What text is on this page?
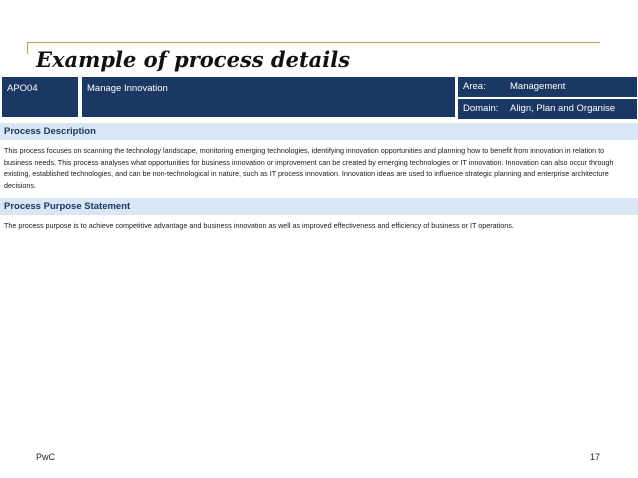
Example of process details
APO04	Manage Innovation	Area:	Management
Domain:	Align, Plan and Organise
Process Description

This process focuses on scanning the technology landscape, monitoring emerging technologies, identifying innovation opportunities and planning how to benefit from innovation in relation to business needs. This process analyses what opportunities for business innovation or improvement can be created by emerging technologies or IT innovation. Innovation can also occur through existing, established technologies, and can be non-technological in nature, such as IT process innovation. Innovation ideas are used to influence strategic planning and enterprise architecture decisions.

Process Purpose Statement

The process purpose is to achieve competitive advantage and business innovation as well as improved effectiveness and efficiency of business or IT operations.

PwC	17
